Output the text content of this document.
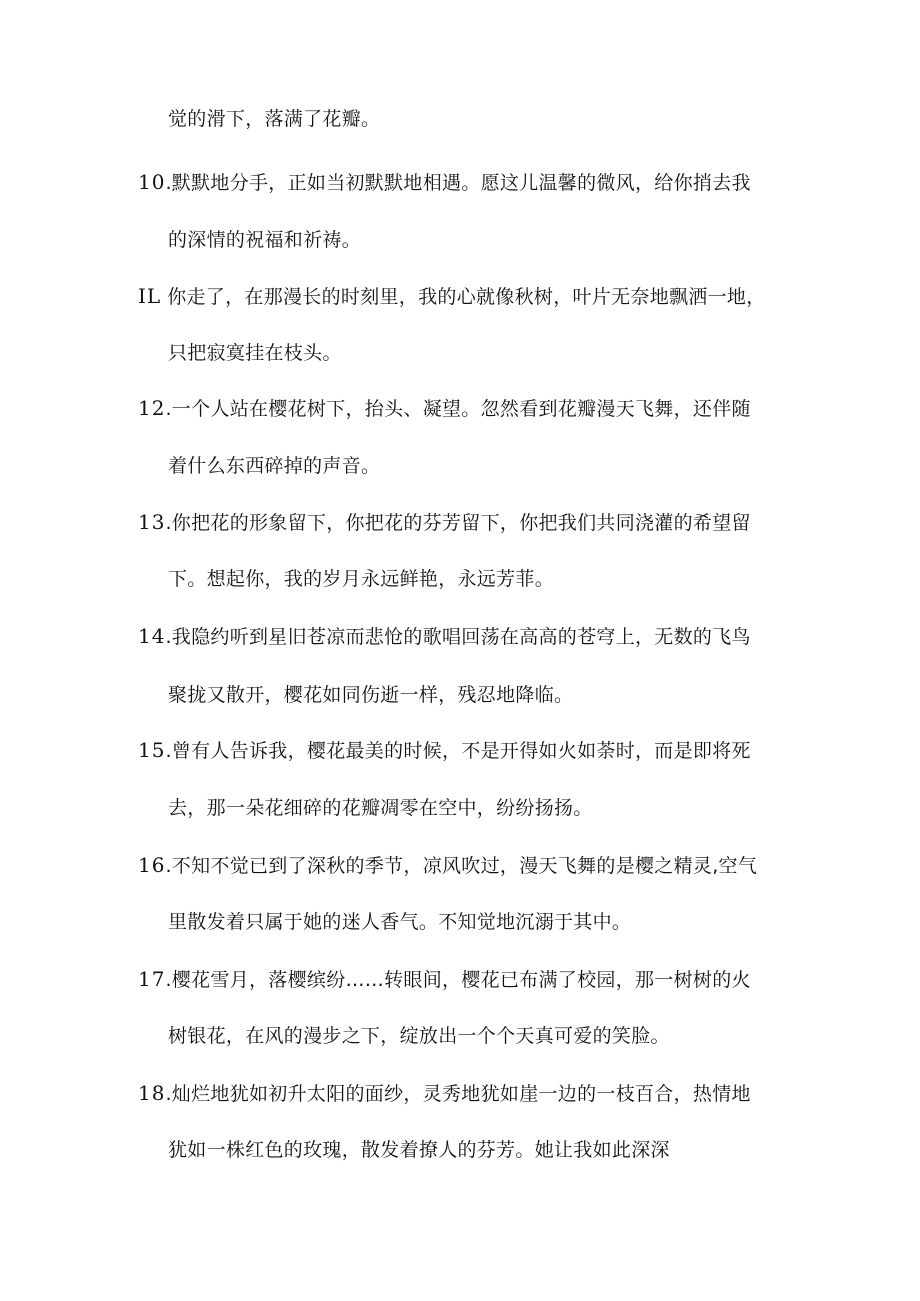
觉的滑下，落满了花瓣。
10.默默地分手，正如当初默默地相遇。愿这儿温馨的微风，给你捎去我
的深情的祝福和祈祷。
IL 你走了，在那漫长的时刻里，我的心就像秋树，叶片无奈地飘洒一地，
只把寂寞挂在枝头。
12.一个人站在樱花树下，抬头、凝望。忽然看到花瓣漫天飞舞，还伴随
着什么东西碎掉的声音。
13.你把花的形象留下，你把花的芬芳留下，你把我们共同浇灌的希望留
下。想起你，我的岁月永远鲜艳，永远芳菲。
14.我隐约听到星旧苍凉而悲怆的歌唱回荡在高高的苍穹上，无数的飞鸟
聚拢又散开，樱花如同伤逝一样，残忍地降临。
15.曾有人告诉我，樱花最美的时候，不是开得如火如荼时，而是即将死
去，那一朵花细碎的花瓣凋零在空中，纷纷扬扬。
16.不知不觉已到了深秋的季节，凉风吹过，漫天飞舞的是樱之精灵,空气
里散发着只属于她的迷人香气。不知觉地沉溺于其中。
17.樱花雪月，落樱缤纷……转眼间，樱花已布满了校园，那一树树的火
树银花，在风的漫步之下，绽放出一个个天真可爱的笑脸。
18.灿烂地犹如初升太阳的面纱，灵秀地犹如崖一边的一枝百合，热情地
犹如一株红色的玫瑰，散发着撩人的芬芳。她让我如此深深
